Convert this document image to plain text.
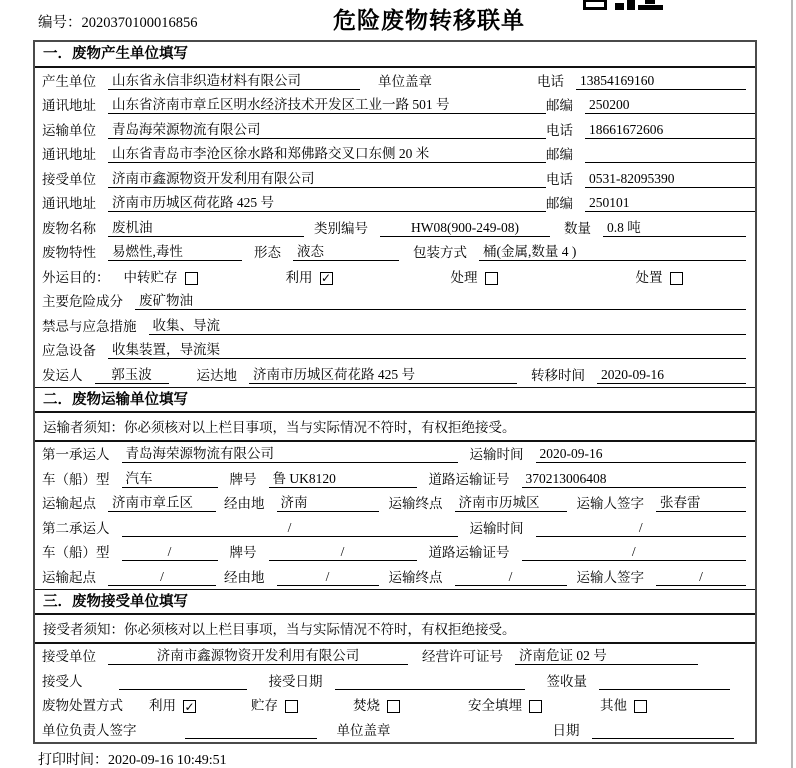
编号：2020370100016856	危险废物转移联单
一．废物产生单位填写
产生单位 山东省永信非织造材料有限公司	单位盖章	电话 13854169160
通讯地址 山东省济南市章丘区明水经济技术开发区工业一路 501 号	邮编 250200
运输单位 青岛海荣源物流有限公司	电话 18661672606
通讯地址 山东省青岛市李沧区徐水路和郑佛路交叉口东侧 20 米	邮编
接受单位 济南市鑫源物资开发利用有限公司	电话 0531-82095390
通讯地址 济南市历城区荷花路 425 号	邮编 250101
废物名称 废机油	类别编号	HW08(900-249-08)	数量 0.8 吨
废物特性 易燃性,毒性	形态 液态	包装方式 桶(金属,数量 4 )
外运目的： 中转贮存	利用 ✓	处理	处置
主要危险成分 废矿物油
禁忌与应急措施 收集、导流
应急设备 收集装置，导流渠
发运人	郭玉波	运达地 济南市历城区荷花路 425 号	转移时间 2020-09-16
二．废物运输单位填写
运输者须知：你必须核对以上栏目事项，当与实际情况不符时，有权拒绝接受。
第一承运人 青岛海荣源物流有限公司	运输时间 2020-09-16
车（船）型 汽车	牌号 鲁 UK8120	道路运输证号 370213006408
运输起点 济南市章丘区	经由地 济南	运输终点 济南市历城区	运输人签字 张春雷
第二承运人	/	运输时间	/
车（船）型	/	牌号	/	道路运输证号	/
运输起点	/	经由地	/	运输终点	/	运输人签字	/
三．废物接受单位填写
接受者须知：你必须核对以上栏目事项，当与实际情况不符时，有权拒绝接受。
接受单位	济南市鑫源物资开发利用有限公司	经营许可证号 济南危证 02 号
接受人	接受日期	签收量
废物处置方式 利用 ✓	贮存	焚烧	安全填埋	其他
单位负责人签字	单位盖章	日期
打印时间：2020-09-16 10:49:51
